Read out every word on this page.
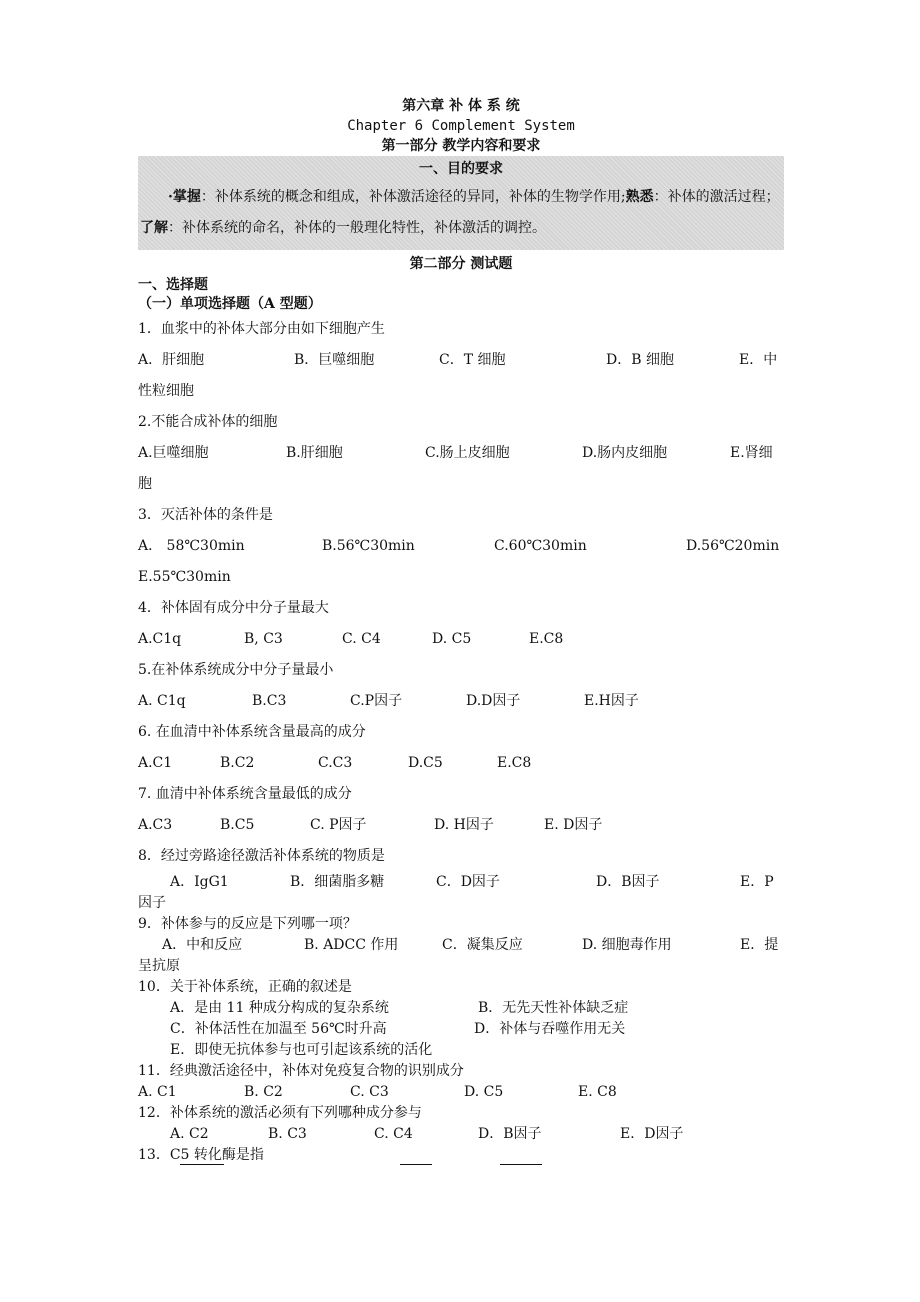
第六章 补 体 系 统
Chapter 6 Complement System
第一部分 教学内容和要求
一、目的要求
·掌握：补体系统的概念和组成，补体激活途径的异同，补体的生物学作用;熟悉：补体的激活过程；了解：补体系统的命名，补体的一般理化特性，补体激活的调控。
第二部分 测试题
一、选择题
（一）单项选择题（A 型题）
1．血浆中的补体大部分由如下细胞产生
A．肝细胞	B．巨噬细胞	C．T 细胞	D．B 细胞	E．中
性粒细胞
2.不能合成补体的细胞
A.巨噬细胞	B.肝细胞	C.肠上皮细胞	D.肠内皮细胞	E.肾细
胞
3．灭活补体的条件是
A． 58℃30min	B.56℃30min	C.60℃30min	D.56℃20min
E.55℃30min
4．补体固有成分中分子量最大
A.C1q	B, C3	C. C4	D. C5	E.C8
5.在补体系统成分中分子量最小
A. C1q	B.C3	C.P因子	D.D因子	E.H因子
6. 在血清中补体系统含量最高的成分
A.C1	B.C2	C.C3	D.C5	E.C8
7. 血清中补体系统含量最低的成分
A.C3	B.C5	C. P因子	D. H因子	E. D因子
8．经过旁路途径激活补体系统的物质是
A．IgG1	B．细菌脂多糖	C．D因子	D．B因子	E．P
因子
9．补体参与的反应是下列哪一项？
A．中和反应	B. ADCC 作用	C．凝集反应	D. 细胞毒作用	E．提
呈抗原
10．关于补体系统，正确的叙述是
A．是由 11 种成分构成的复杂系统	B．无先天性补体缺乏症
C．补体活性在加温至 56℃时升高	D．补体与吞噬作用无关
E．即使无抗体参与也可引起该系统的活化
11．经典激活途径中，补体对免疫复合物的识别成分
A. C1	B. C2	C. C3	D. C5	E. C8
12．补体系统的激活必须有下列哪种成分参与
A. C2	B. C3	C. C4	D．B因子	E．D因子
13．C5 转化酶是指
